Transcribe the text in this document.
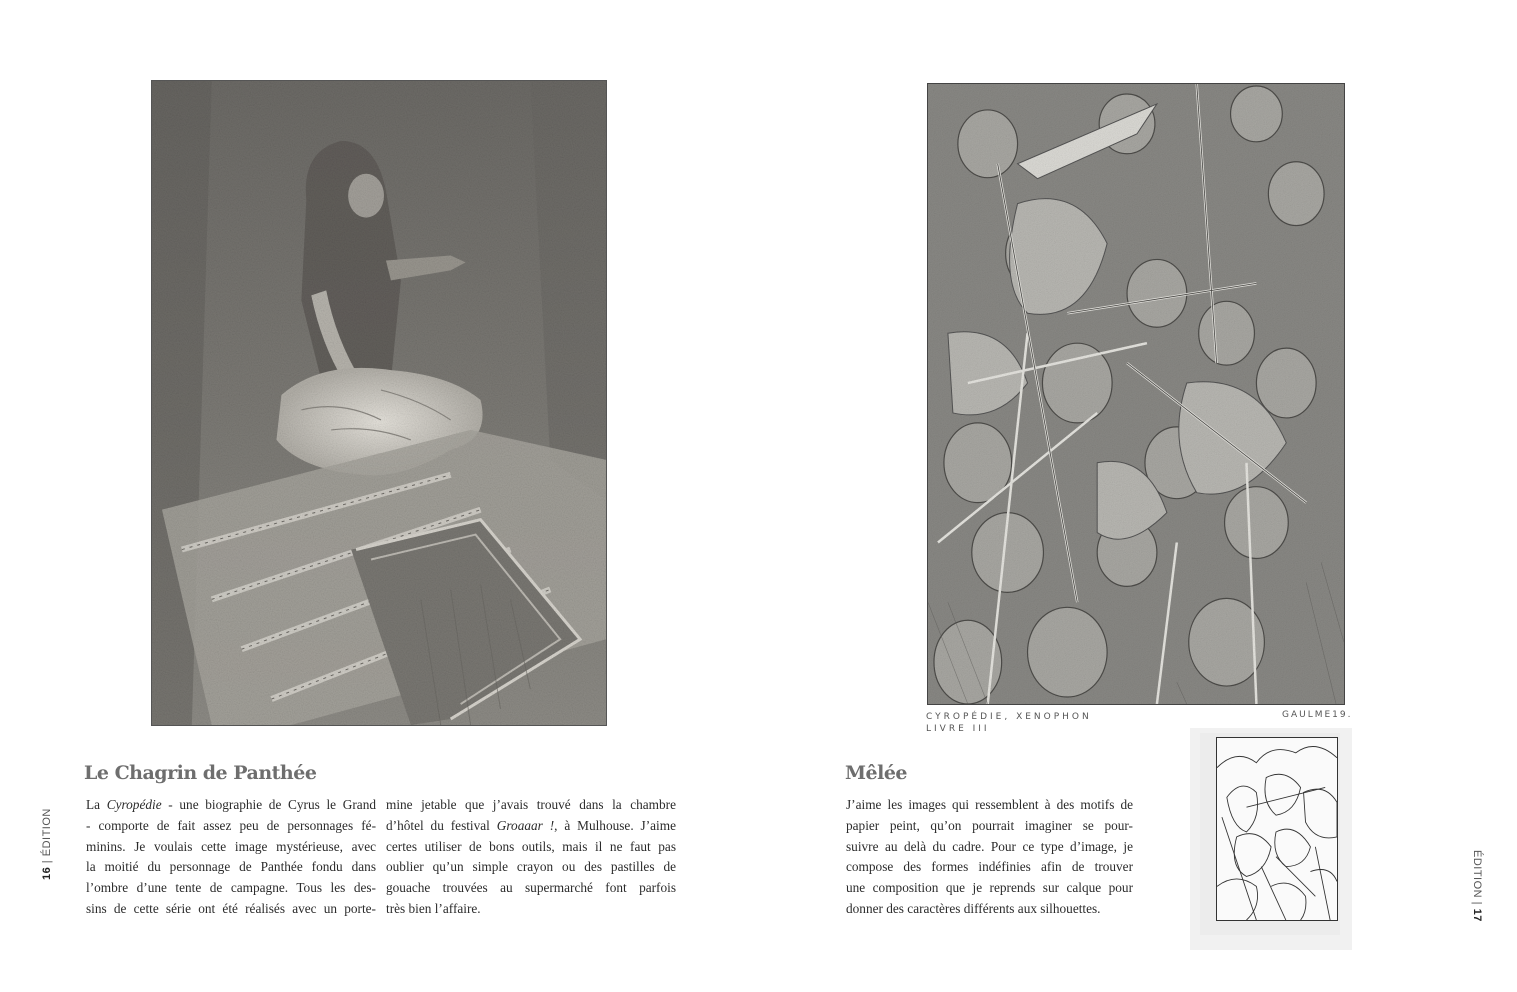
Le Chagrin de Panthée
La Cyropédie - une biographie de Cyrus le Grand
- comporte de fait assez peu de personnages fé-
minins. Je voulais cette image mystérieuse, avec
la moitié du personnage de Panthée fondu dans
l’ombre d’une tente de campagne. Tous les des-
sins de cette série ont été réalisés avec un porte-
mine jetable que j’avais trouvé dans la chambre
d’hôtel du festival Groaaar !, à Mulhouse. J’aime
certes utiliser de bons outils, mais il ne faut pas
oublier qu’un simple crayon ou des pastilles de
gouache trouvées au supermarché font parfois
très bien l’affaire.
16 | ÉDITION
CYROPÉDIE, XENOPHON
LIVRE III
GAULME19.
Mêlée
J’aime les images qui ressemblent à des motifs de
papier peint, qu’on pourrait imaginer se pour-
suivre au delà du cadre. Pour ce type d’image, je
compose des formes indéfinies afin de trouver
une composition que je reprends sur calque pour
donner des caractères différents aux silhouettes.
ÉDITION | 17
